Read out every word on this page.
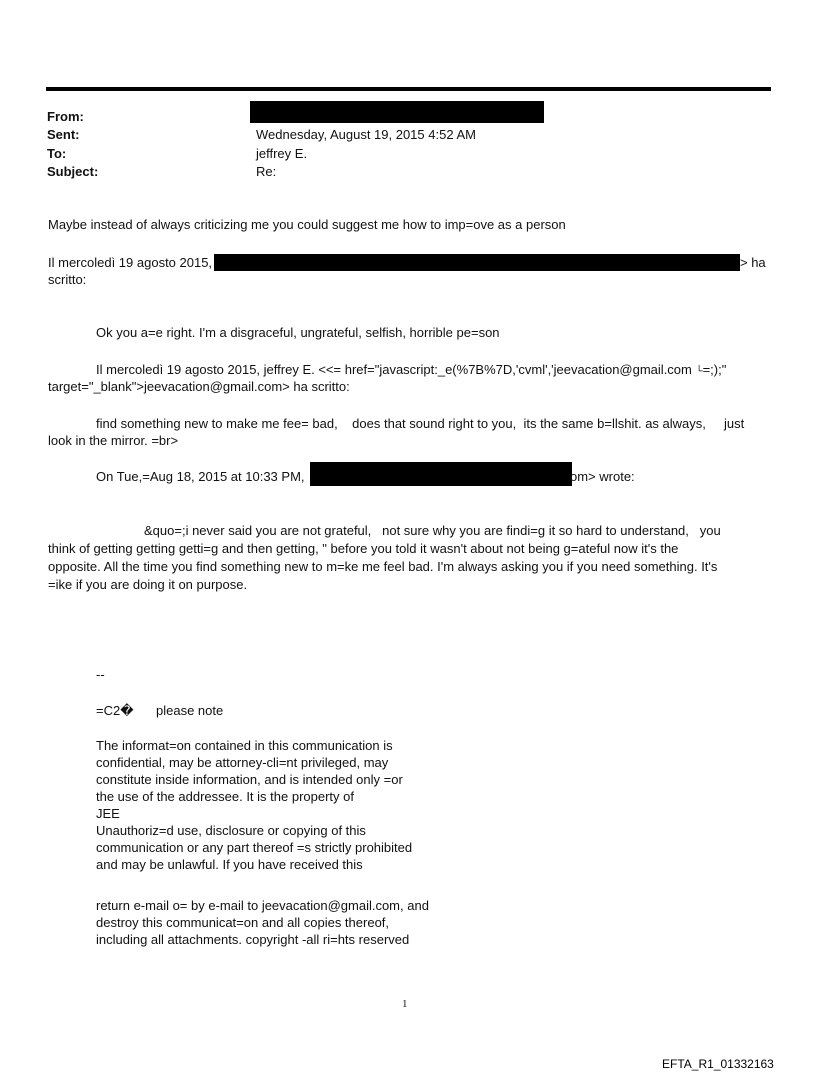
From:
Sent:	Wednesday, August 19, 2015 4:52 AM
To:	jeffrey E.
Subject:	Re:
Maybe instead of always criticizing me you could suggest me how to imp=ove as a person
Il mercoledì 19 agosto 2015,	> ha
scritto:
Ok you a=e right. I'm a disgraceful, ungrateful, selfish, horrible pe=son
Il mercoledì 19 agosto 2015, jeffrey E. <<= href="javascript:_e(%7B%7D,'cvml','jeevacation@gmail.com └=;);"
target="_blank">jeevacation@gmail.com> ha scritto:
find something new to make me fee= bad,    does that sound right to you,  its the same b=llshit. as always,     just
look in the mirror. =br>
On Tue,=Aug 18, 2015 at 10:33 PM,	om> wrote:
&quo=;i never said you are not grateful,   not sure why you are findi=g it so hard to understand,   you
think of getting getting getti=g and then getting, " before you told it wasn't about not being g=ateful now it's the
opposite. All the time you find something new to m=ke me feel bad. I'm always asking you if you need something. It's
=ike if you are doing it on purpose.
--
=C2� please note
The informat=on contained in this communication is
confidential, may be attorney-cli=nt privileged, may
constitute inside information, and is intended only =or
the use of the addressee. It is the property of
JEE
Unauthoriz=d use, disclosure or copying of this
communication or any part thereof =s strictly prohibited
and may be unlawful. If you have received this
return e-mail o= by e-mail to jeevacation@gmail.com, and
destroy this communicat=on and all copies thereof,
including all attachments. copyright -all ri=hts reserved
1
EFTA_R1_01332163
